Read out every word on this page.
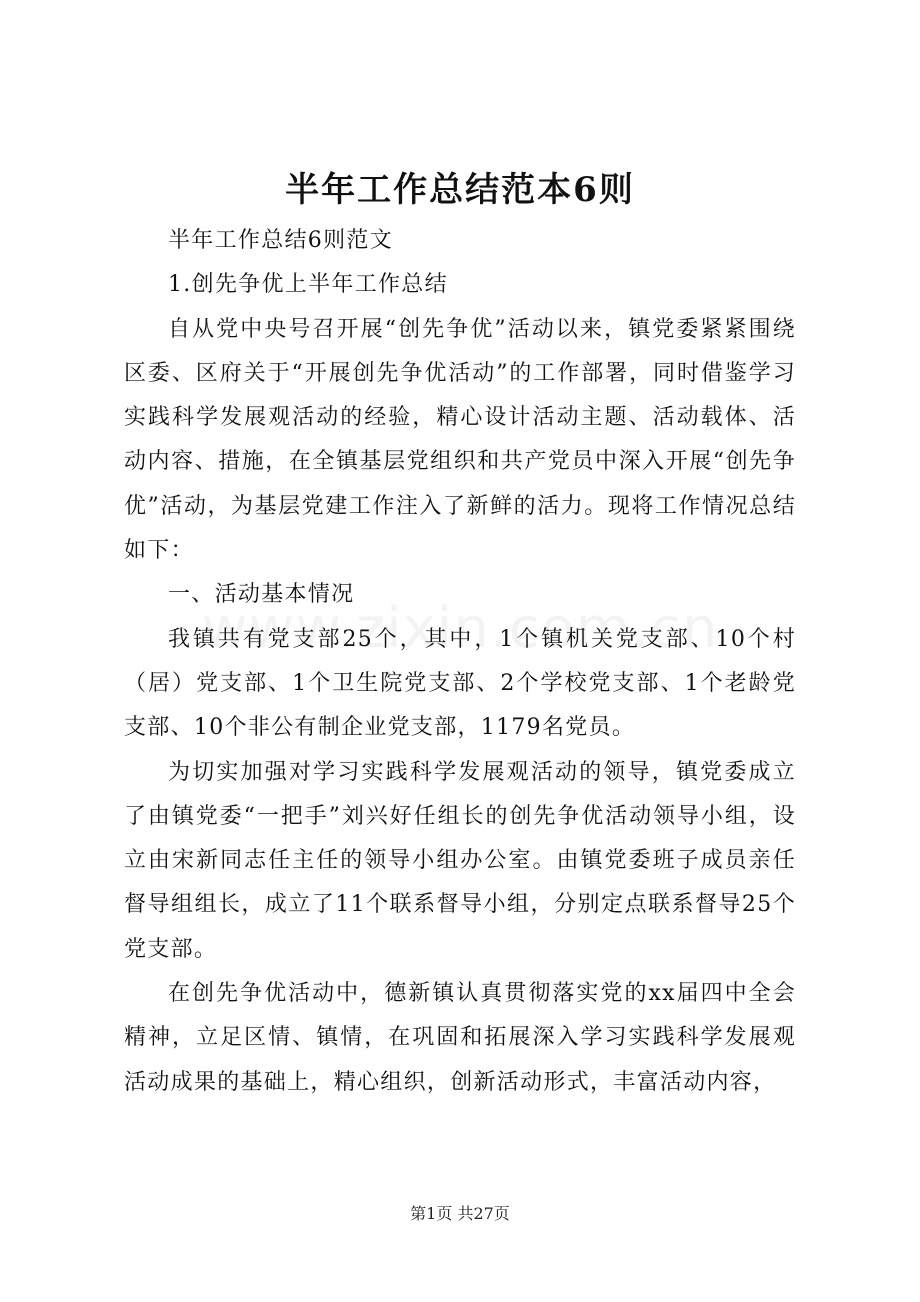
半年工作总结范本6则

半年工作总结6则范文

1.创先争优上半年工作总结

自从党中央号召开展“创先争优”活动以来，镇党委紧紧围绕区委、区府关于“开展创先争优活动”的工作部署，同时借鉴学习实践科学发展观活动的经验，精心设计活动主题、活动载体、活动内容、措施，在全镇基层党组织和共产党员中深入开展“创先争优”活动，为基层党建工作注入了新鲜的活力。现将工作情况总结如下：

一、活动基本情况

我镇共有党支部25个，其中，1个镇机关党支部、10个村（居）党支部、1个卫生院党支部、2个学校党支部、1个老龄党支部、10个非公有制企业党支部，1179名党员。

为切实加强对学习实践科学发展观活动的领导，镇党委成立了由镇党委“一把手”刘兴好任组长的创先争优活动领导小组，设立由宋新同志任主任的领导小组办公室。由镇党委班子成员亲任督导组组长，成立了11个联系督导小组，分别定点联系督导25个党支部。

在创先争优活动中，德新镇认真贯彻落实党的xx届四中全会精神，立足区情、镇情，在巩固和拓展深入学习实践科学发展观活动成果的基础上，精心组织，创新活动形式，丰富活动内容，

第1页 共27页
